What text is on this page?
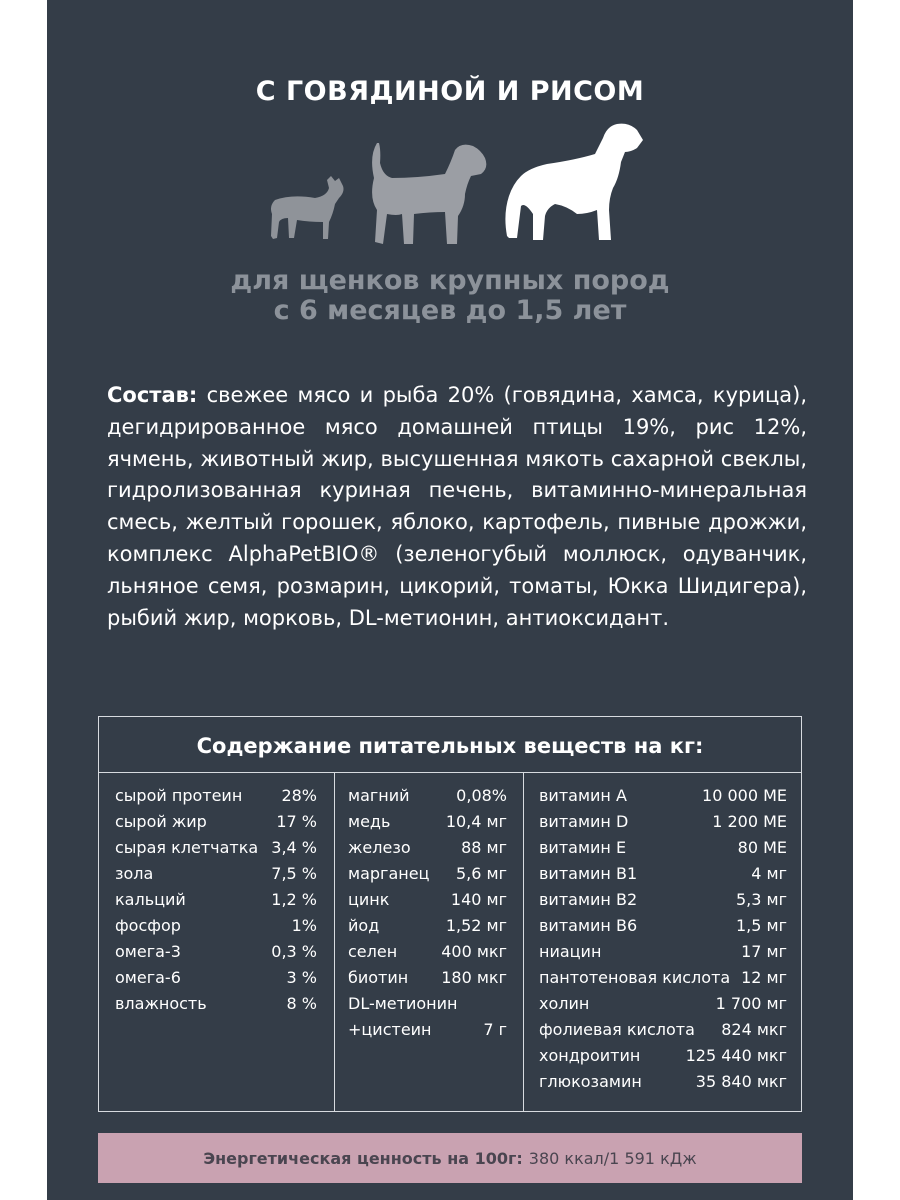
С ГОВЯДИНОЙ И РИСОМ
для щенков крупных пород
с 6 месяцев до 1,5 лет
Состав: свежее мясо и рыба 20% (говядина, хамса, курица), дегидрированное мясо домашней птицы 19%, рис 12%, ячмень, животный жир, высушенная мякоть сахарной свеклы, гидролизованная куриная печень, витаминно-минеральная смесь, желтый горошек, яблоко, картофель, пивные дрожжи, комплекс AlphaPetBIO® (зеленогубый моллюск, одуванчик, льняное семя, розмарин, цикорий, томаты, Юкка Шидигера), рыбий жир, морковь, DL-метионин, антиоксидант.
Содержание питательных веществ на кг:
сырой протеин 28%
сырой жир	17 %
сырая клетчатка 3,4 %
зола	7,5 %
кальций	1,2 %
фосфор	1%
омега-3	0,3 %
омега-6	3 %
влажность	8 %
магний	0,08%
медь	10,4 мг
железо	88 мг
марганец 5,6 мг
цинк	140 мг
йод	1,52 мг
селен	400 мкг
биотин 180 мкг
DL-метионин
+цистеин	7 г
витамин А	10 000 МЕ
витамин D	1 200 МЕ
витамин Е	80 МЕ
витамин В1	4 мг
витамин В2	5,3 мг
витамин В6	1,5 мг
ниацин	17 мг
пантотеновая кислота 12 мг
холин	1 700 мг
фолиевая кислота 824 мкг
хондроитин	125 440 мкг
глюкозамин	35 840 мкг
Энергетическая ценность на 100г: 380 ккал/1 591 кДж
